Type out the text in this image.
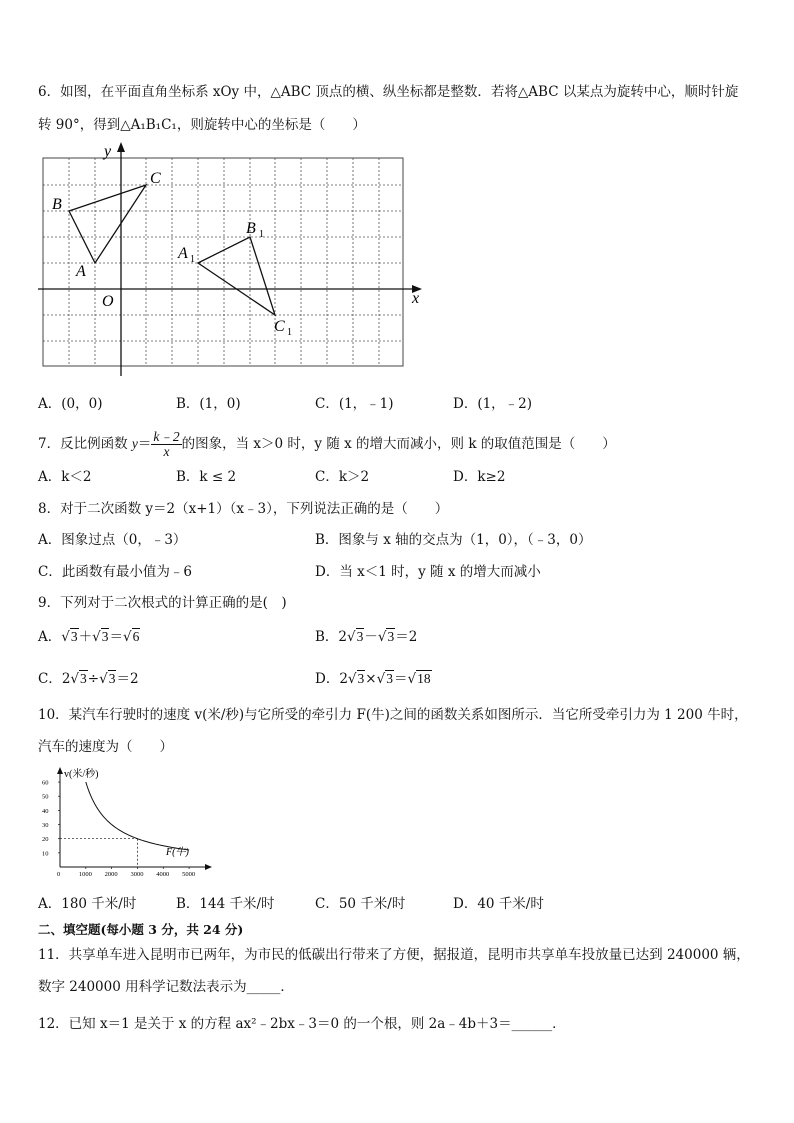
6．如图，在平面直角坐标系 xOy 中，△ABC 顶点的横、纵坐标都是整数．若将△ABC 以某点为旋转中心，顺时针旋
转 90°，得到△A₁B₁C₁，则旋转中心的坐标是（　　）
y
x
O
B
C
A
A 1
B 1
C 1
A．(0，0)	B．(1，0)	C．(1，﹣1)	D．(1，﹣2)
7．反比例函数 $y= \frac{k﹣2}{x}$ 的图象，当 x＞0 时，y 随 x 的增大而减小，则 k 的取值范围是（　　）
A．k＜2	B．k ≤ 2	C．k＞2	D．k≥2
8．对于二次函数 y＝2（x+1）（x﹣3），下列说法正确的是（　　）
A．图象过点（0，﹣3）	B．图象与 x 轴的交点为（1，0），（﹣3，0）
C．此函数有最小值为﹣6	D．当 x＜1 时，y 随 x 的增大而减小
9．下列对于二次根式的计算正确的是(　)
A．√3＋√3＝√6	B．2√3－√3＝2
C．2√3÷√3＝2	D．2√3×√3＝√18
10．某汽车行驶时的速度 v(米/秒)与它所受的牵引力 F(牛)之间的函数关系如图所示．当它所受牵引力为 1 200 牛时，
汽车的速度为（　　）
v(米/秒)
F(牛)
10
20
30
40
50
60
0	1000 2000 3000 4000 5000
A．180 千米/时	B．144 千米/时	C．50 千米/时	D．40 千米/时
二、填空题(每小题 3 分，共 24 分)
11．共享单车进入昆明市已两年，为市民的低碳出行带来了方便，据报道，昆明市共享单车投放量已达到 240000 辆，
数字 240000 用科学记数法表示为_____．
12．已知 x＝1 是关于 x 的方程 ax²﹣2bx﹣3＝0 的一个根，则 2a﹣4b＋3＝______．
